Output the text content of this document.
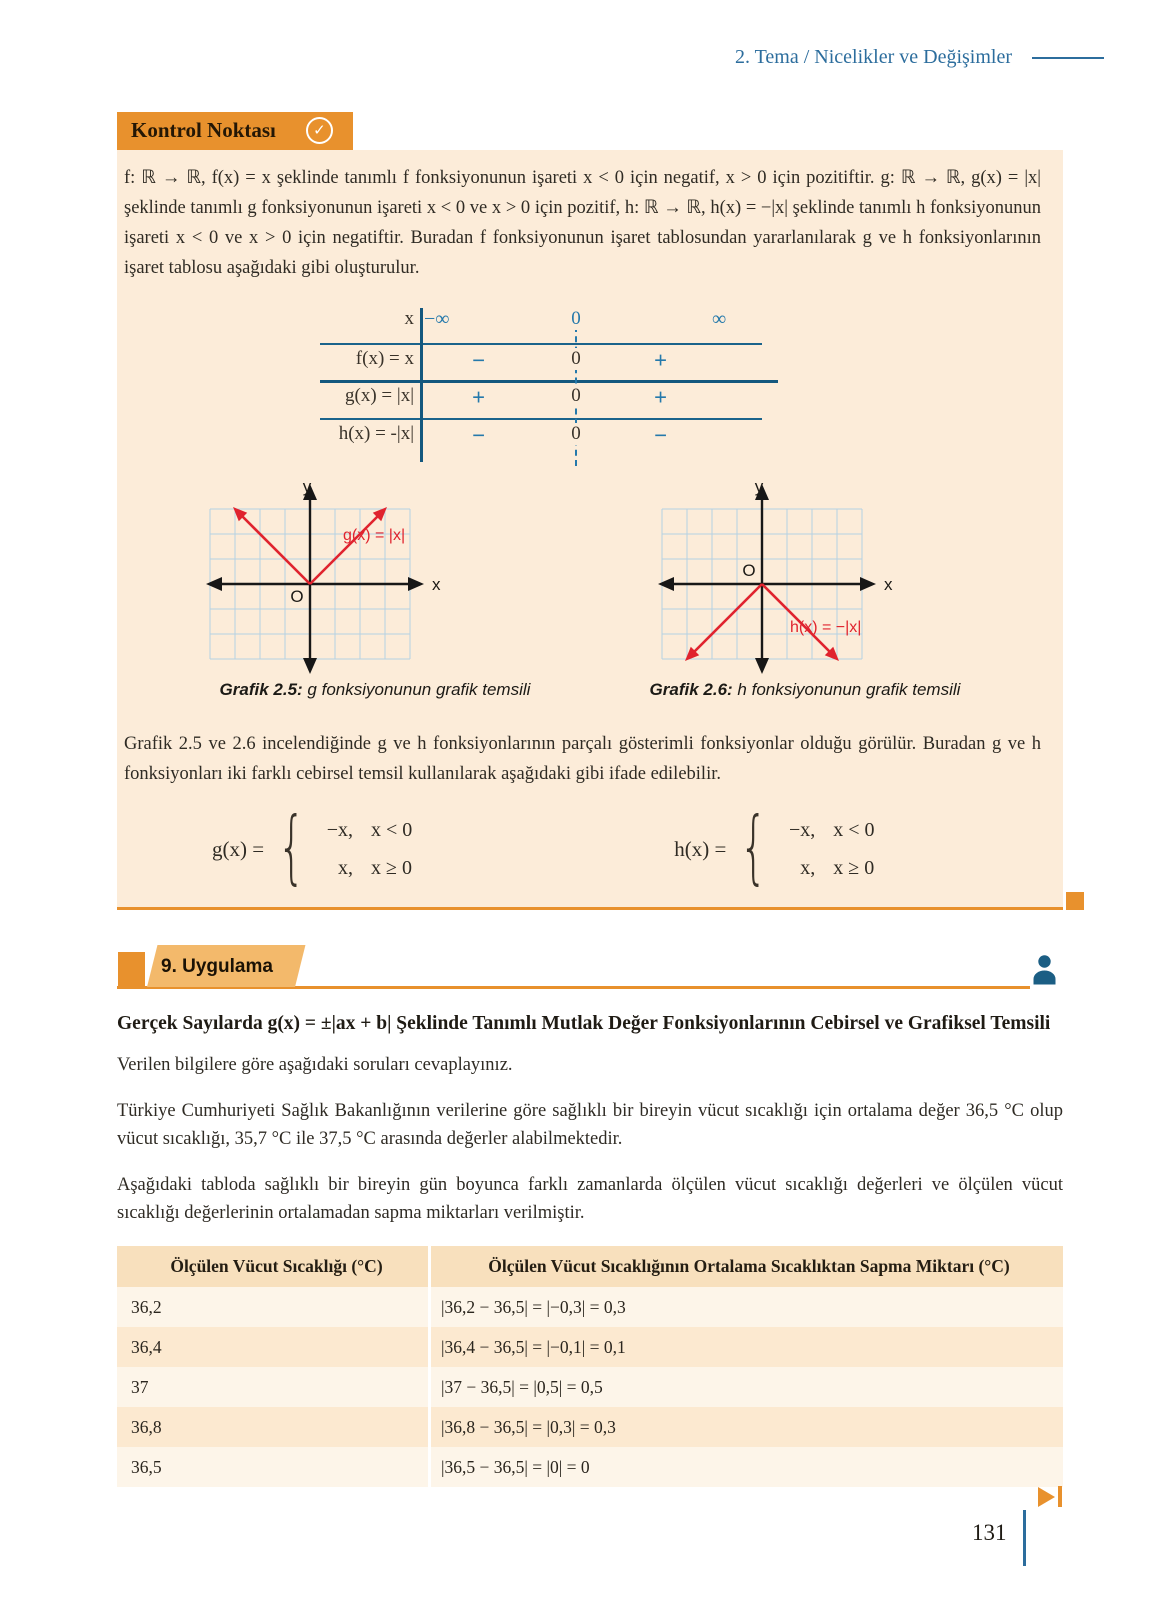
2. Tema / Nicelikler ve Değişimler
Kontrol Noktası	✓

f: ℝ → ℝ, f(x) = x şeklinde tanımlı f fonksiyonunun işareti x < 0 için negatif, x > 0 için pozitiftir. g: ℝ → ℝ, g(x) = |x| şeklinde tanımlı g fonksiyonunun işareti x < 0 ve x > 0 için pozitif, h: ℝ → ℝ, h(x) = −|x| şeklinde tanımlı h fonksiyonunun işareti x < 0 ve x > 0 için negatiftir. Buradan f fonksiyonunun işaret tablosundan yararlanılarak g ve h fonksiyonlarının işaret tablosu aşağıdaki gibi oluşturulur.

x −∞	0	∞
f(x) = x	−	0	+
g(x) = |x|	+	0	+
h(x) = -|x|	−	0	−
y
x
O
g(x) = |x|
Grafik 2.5: g fonksiyonunun grafik temsili
y
x
O
h(x) = −|x|
Grafik 2.6: h fonksiyonunun grafik temsili

Grafik 2.5 ve 2.6 incelendiğinde g ve h fonksiyonlarının parçalı gösterimli fonksiyonlar olduğu görülür. Buradan g ve h fonksiyonları iki farklı cebirsel temsil kullanılarak aşağıdaki gibi ifade edilebilir.

g(x) = {	−x, x < 0
x, x ≥ 0
h(x) = {	−x, x < 0
x, x ≥ 0
9. Uygulama
Gerçek Sayılarda g(x) = ±|ax + b| Şeklinde Tanımlı Mutlak Değer Fonksiyonlarının Cebirsel ve Grafiksel Temsili

Verilen bilgilere göre aşağıdaki soruları cevaplayınız.

Türkiye Cumhuriyeti Sağlık Bakanlığının verilerine göre sağlıklı bir bireyin vücut sıcaklığı için ortalama değer 36,5 °C olup vücut sıcaklığı, 35,7 °C ile 37,5 °C arasında değerler alabilmektedir.

Aşağıdaki tabloda sağlıklı bir bireyin gün boyunca farklı zamanlarda ölçülen vücut sıcaklığı değerleri ve ölçülen vücut sıcaklığı değerlerinin ortalamadan sapma miktarları verilmiştir.

Ölçülen Vücut Sıcaklığı (°C)	Ölçülen Vücut Sıcaklığının Ortalama Sıcaklıktan Sapma Miktarı (°C)
36,2	|36,2 − 36,5| = |−0,3| = 0,3
36,4	|36,4 − 36,5| = |−0,1| = 0,1
37	|37 − 36,5| = |0,5| = 0,5
36,8	|36,8 − 36,5| = |0,3| = 0,3
36,5	|36,5 − 36,5| = |0| = 0
131
